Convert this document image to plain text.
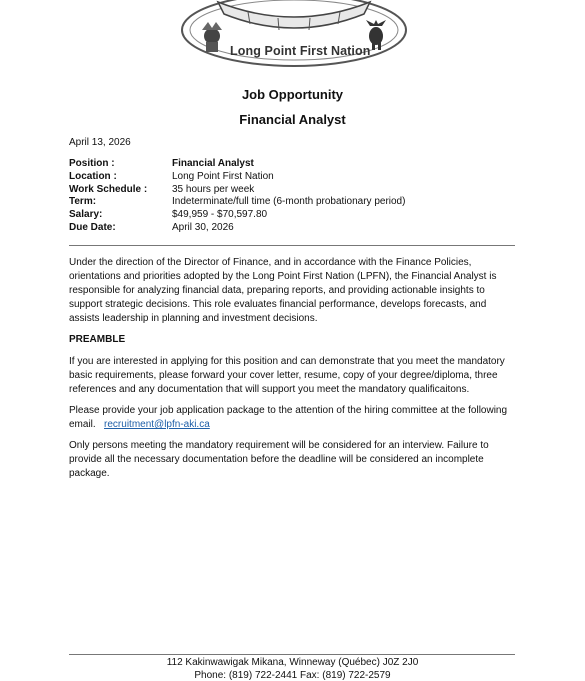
Long Point First Nation
Job Opportunity
Financial Analyst
April 13, 2026
Position :	Financial Analyst
Location :	Long Point First Nation
Work Schedule : 35 hours per week
Term:	Indeterminate/full time (6-month probationary period)
Salary:	$49,959 - $70,597.80
Due Date:	April 30, 2026
Under the direction of the Director of Finance, and in accordance with the Finance Policies, orientations and priorities adopted by the Long Point First Nation (LPFN), the Financial Analyst is responsible for analyzing financial data, preparing reports, and providing actionable insights to support strategic decisions. This role evaluates financial performance, develops forecasts, and assists leadership in planning and investment decisions.
PREAMBLE
If you are interested in applying for this position and can demonstrate that you meet the mandatory basic requirements, please forward your cover letter, resume, copy of your degree/diploma, three references and any documentation that will support you meet the mandatory qualificaitons.
Please provide your job application package to the attention of the hiring committee at the following email. recruitment@lpfn-aki.ca
Only persons meeting the mandatory requirement will be considered for an interview. Failure to provide all the necessary documentation before the deadline will be considered an incomplete package.
112 Kakinwawigak Mikana, Winneway (Québec) J0Z 2J0
Phone: (819) 722-2441 Fax: (819) 722-2579
